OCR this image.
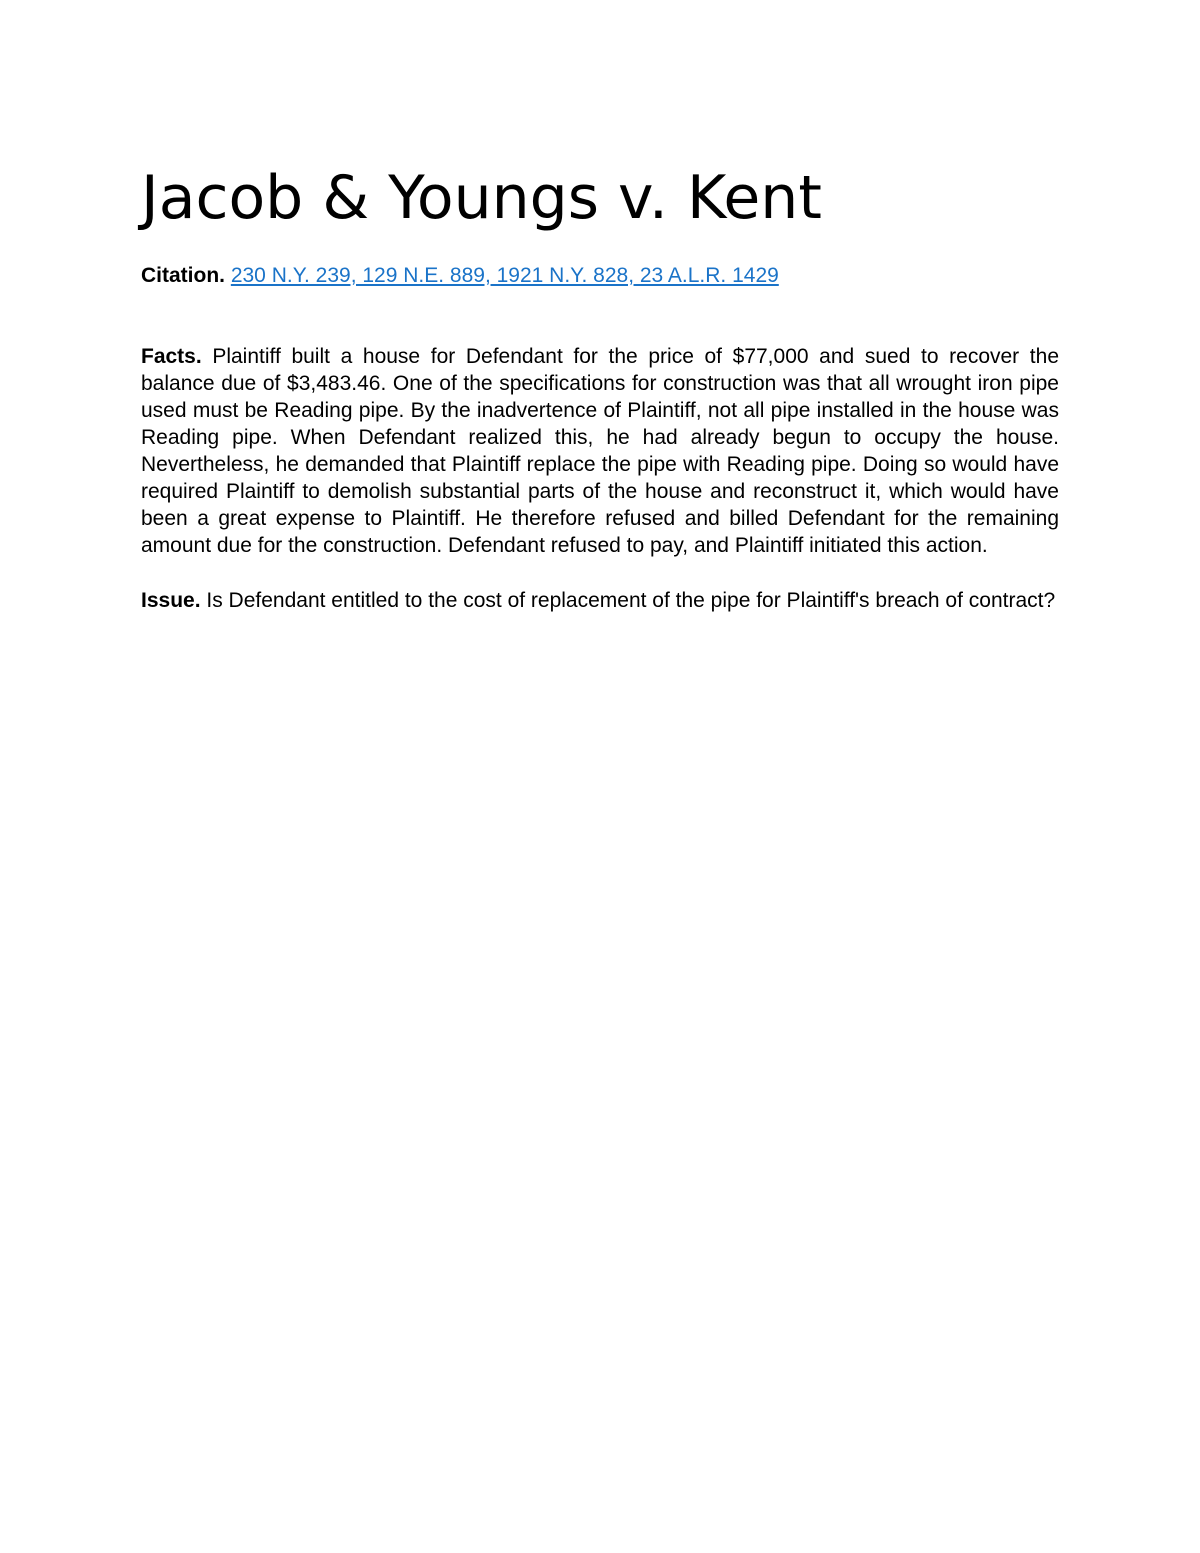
Jacob & Youngs v. Kent

Citation. 230 N.Y. 239, 129 N.E. 889, 1921 N.Y. 828, 23 A.L.R. 1429

Facts. Plaintiff built a house for Defendant for the price of $77,000 and sued to recover the balance due of $3,483.46. One of the specifications for construction was that all wrought iron pipe used must be Reading pipe. By the inadvertence of Plaintiff, not all pipe installed in the house was Reading pipe. When Defendant realized this, he had already begun to occupy the house. Nevertheless, he demanded that Plaintiff replace the pipe with Reading pipe. Doing so would have required Plaintiff to demolish substantial parts of the house and reconstruct it, which would have been a great expense to Plaintiff. He therefore refused and billed Defendant for the remaining amount due for the construction. Defendant refused to pay, and Plaintiff initiated this action.

Issue. Is Defendant entitled to the cost of replacement of the pipe for Plaintiff's breach of contract?
